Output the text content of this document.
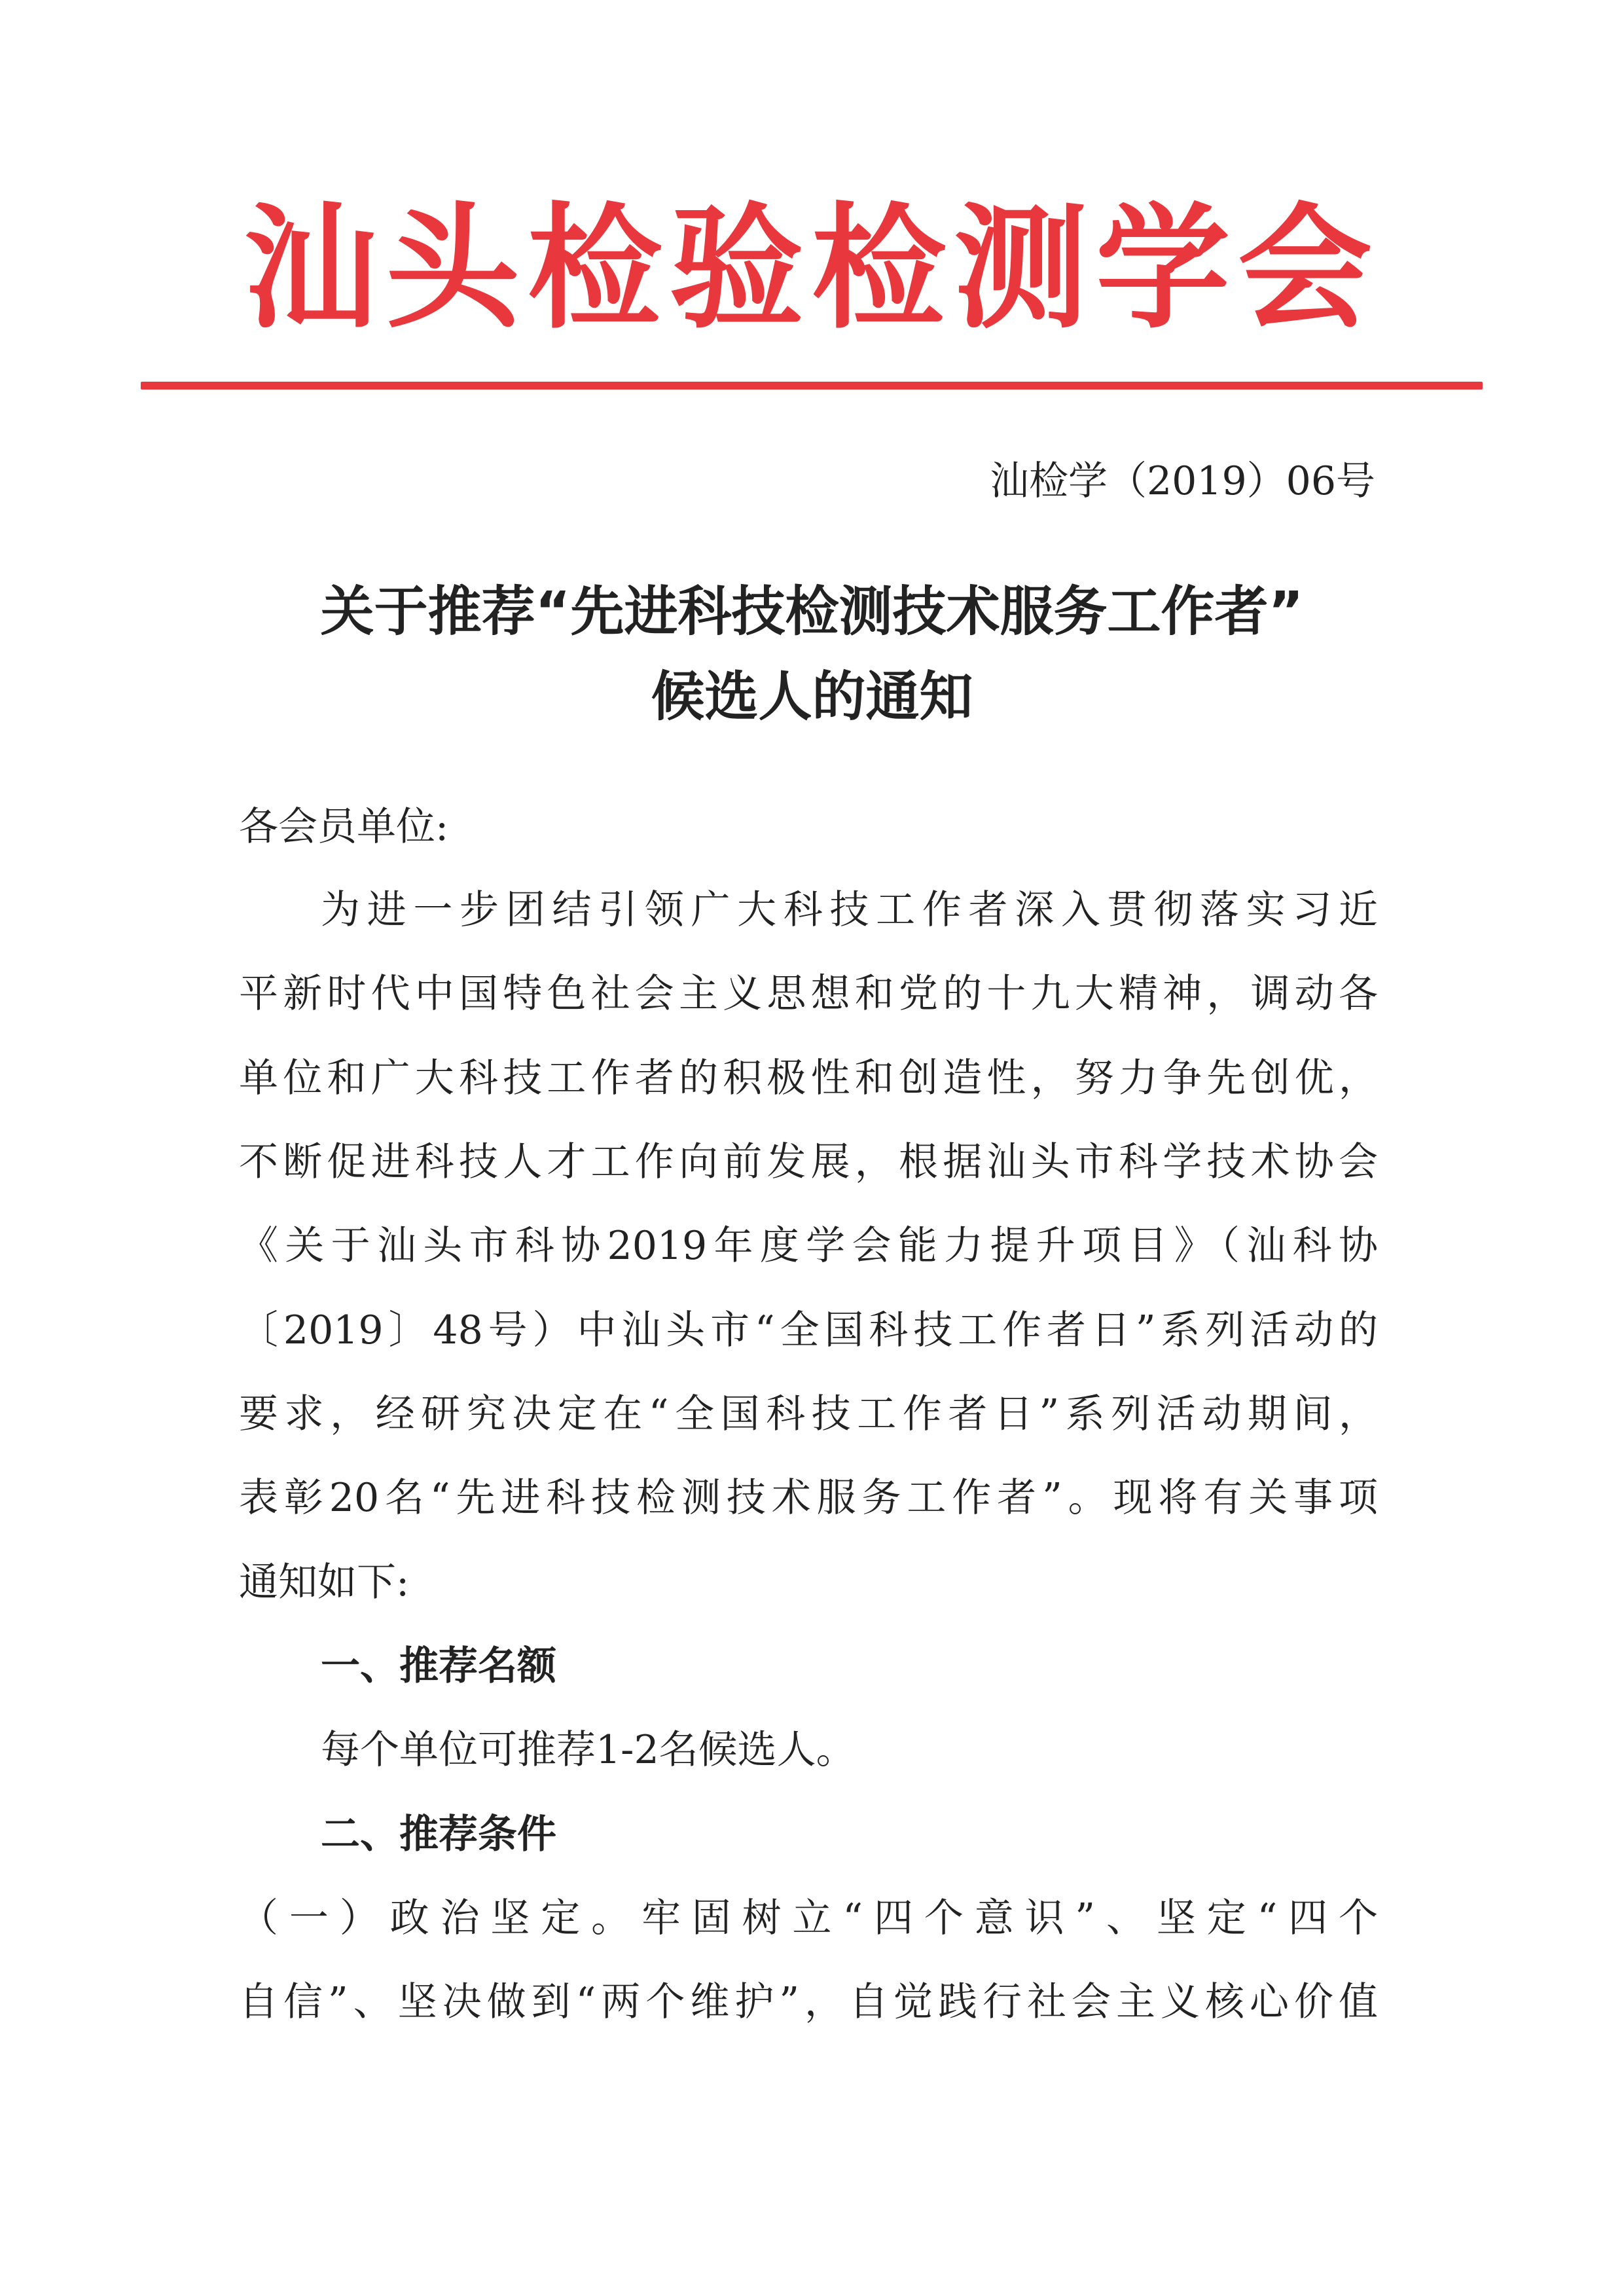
汕头检验检测学会
汕检学（2019）06号
关于推荐“先进科技检测技术服务工作者”
候选人的通知
各会员单位:
为进一步团结引领广大科技工作者深入贯彻落实习近
平新时代中国特色社会主义思想和党的十九大精神，调动各
单位和广大科技工作者的积极性和创造性，努力争先创优，
不断促进科技人才工作向前发展，根据汕头市科学技术协会
《关于汕头市科协2019年度学会能力提升项目》（汕科协
〔2019〕48号）中汕头市“全国科技工作者日”系列活动的
要求，经研究决定在“全国科技工作者日”系列活动期间，
表彰20名“先进科技检测技术服务工作者”。现将有关事项
通知如下:
一、推荐名额
每个单位可推荐1-2名候选人。
二、推荐条件
（一）政治坚定。牢固树立“四个意识”、坚定“四个
自信”、坚决做到“两个维护”，自觉践行社会主义核心价值
